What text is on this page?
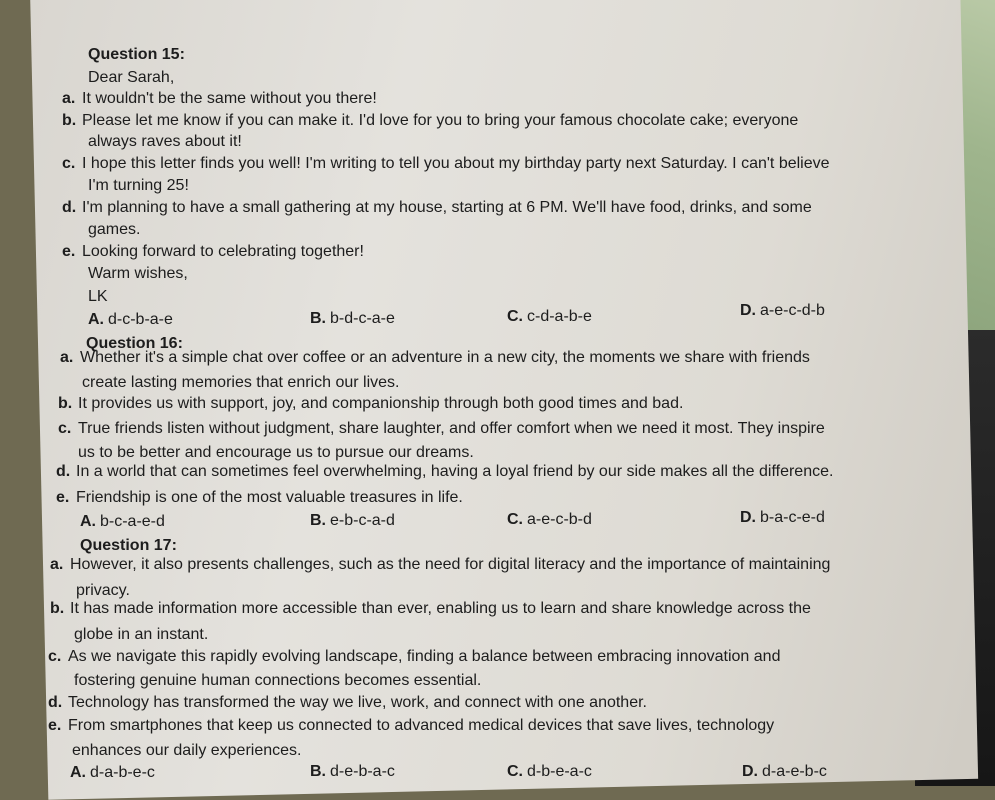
Question 15:
Dear Sarah,
a. It wouldn't be the same without you there!
b. Please let me know if you can make it. I'd love for you to bring your famous chocolate cake; everyone
always raves about it!
c. I hope this letter finds you well! I'm writing to tell you about my birthday party next Saturday. I can't believe
I'm turning 25!
d. I'm planning to have a small gathering at my house, starting at 6 PM. We'll have food, drinks, and some
games.
e. Looking forward to celebrating together!
Warm wishes,
LK
A. d-c-b-a-e	B. b-d-c-a-e	C. c-d-a-b-e	D. a-e-c-d-b
Question 16:
a. Whether it's a simple chat over coffee or an adventure in a new city, the moments we share with friends
create lasting memories that enrich our lives.
b. It provides us with support, joy, and companionship through both good times and bad.
c. True friends listen without judgment, share laughter, and offer comfort when we need it most. They inspire
us to be better and encourage us to pursue our dreams.
d. In a world that can sometimes feel overwhelming, having a loyal friend by our side makes all the difference.
e. Friendship is one of the most valuable treasures in life.
A. b-c-a-e-d	B. e-b-c-a-d	C. a-e-c-b-d	D. b-a-c-e-d
Question 17:
a. However, it also presents challenges, such as the need for digital literacy and the importance of maintaining
privacy.
b. It has made information more accessible than ever, enabling us to learn and share knowledge across the
globe in an instant.
c. As we navigate this rapidly evolving landscape, finding a balance between embracing innovation and
fostering genuine human connections becomes essential.
d. Technology has transformed the way we live, work, and connect with one another.
e. From smartphones that keep us connected to advanced medical devices that save lives, technology
enhances our daily experiences.
A. d-a-b-e-c	B. d-e-b-a-c	C. d-b-e-a-c	D. d-a-e-b-c
